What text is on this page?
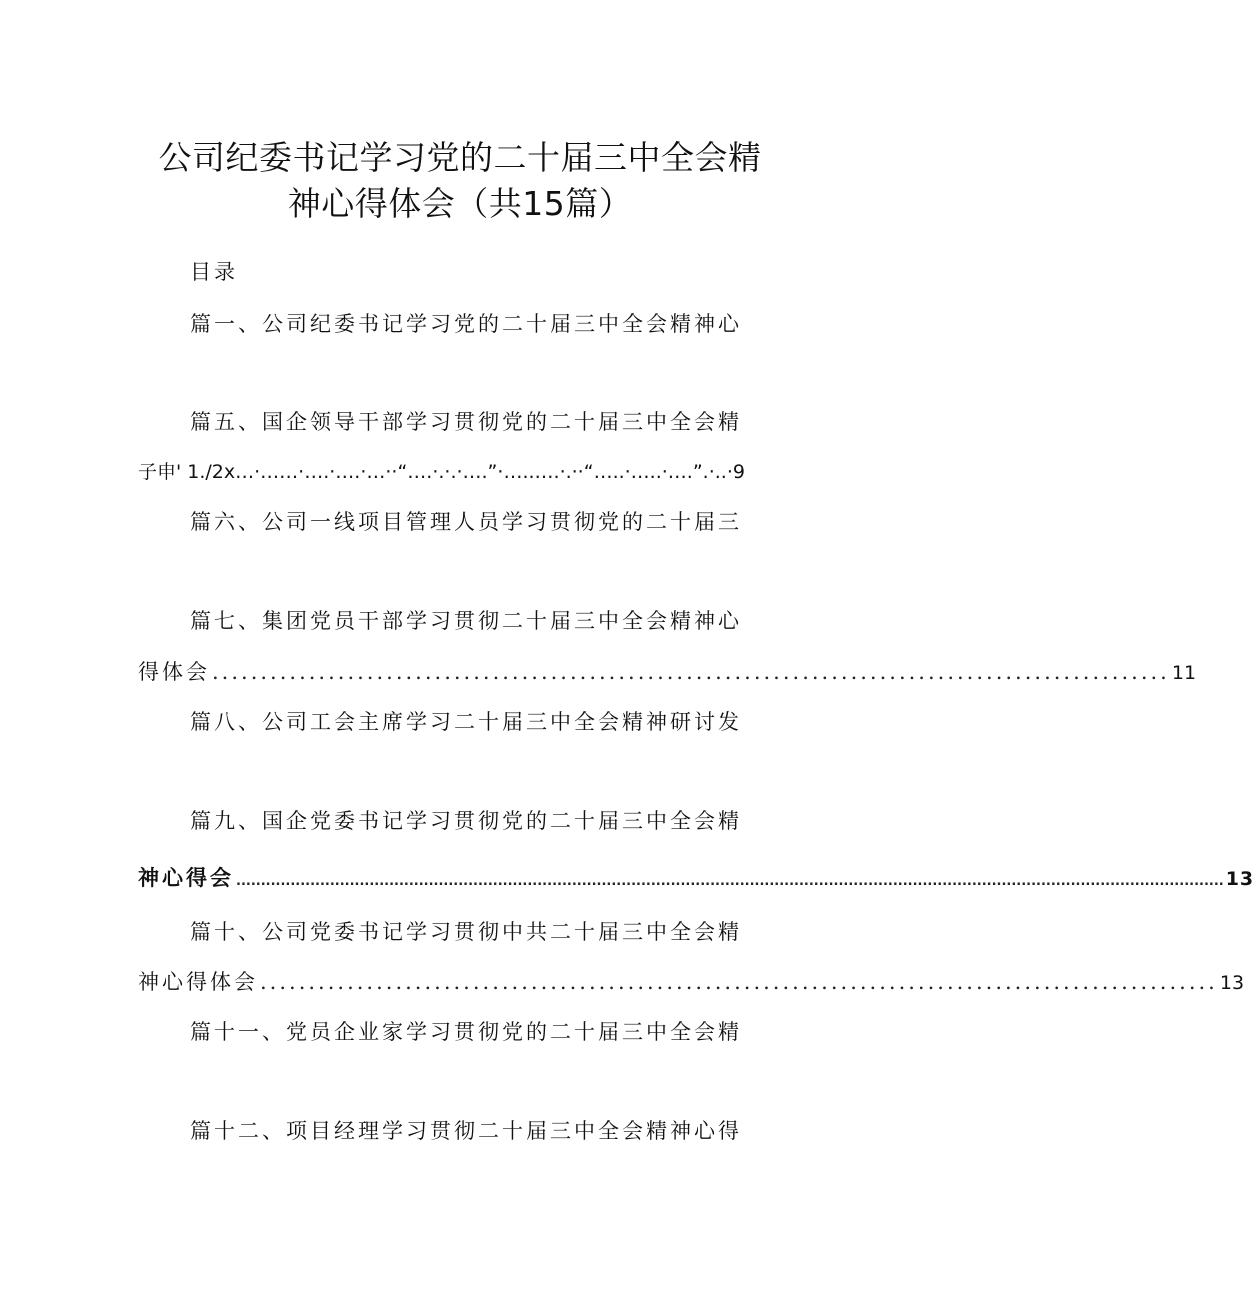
公司纪委书记学习党的二十届三中全会精
神心得体会（共15篇）
目录
篇一、公司纪委书记学习党的二十届三中全会精神心
篇五、国企领导干部学习贯彻党的二十届三中全会精
子申' 1./2x…·……·….·….·…··“….·.·.·….”·…..….·.··“…..·…..·….”.·..·9
篇六、公司一线项目管理人员学习贯彻党的二十届三
篇七、集团党员干部学习贯彻二十届三中全会精神心
得体会 ................................................................................................... 11
篇八、公司工会主席学习二十届三中全会精神研讨发
篇九、国企党委书记学习贯彻党的二十届三中全会精
神心得会 ........................................................................................................................................................................................................ 13
篇十、公司党委书记学习贯彻中共二十届三中全会精
神心得体会 ................................................................................................... 13
篇十一、党员企业家学习贯彻党的二十届三中全会精
篇十二、项目经理学习贯彻二十届三中全会精神心得
